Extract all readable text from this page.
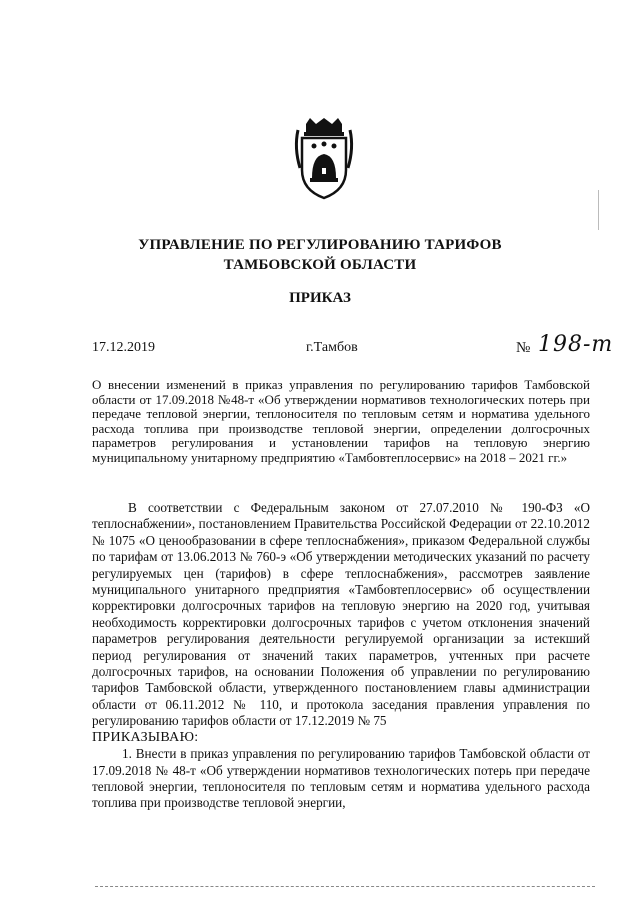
УПРАВЛЕНИЕ ПО РЕГУЛИРОВАНИЮ ТАРИФОВ
ТАМБОВСКОЙ ОБЛАСТИ
ПРИКАЗ
17.12.2019	г.Тамбов	№ 198-т
О внесении изменений в приказ управления по регулированию тарифов Тамбовской области от 17.09.2018 №48-т «Об утверждении нормативов технологических потерь при передаче тепловой энергии, теплоносителя по тепловым сетям и норматива удельного расхода топлива при производстве тепловой энергии, определении долгосрочных параметров регулирования и установлении тарифов на тепловую энергию муниципальному унитарному предприятию «Тамбовтеплосервис» на 2018 – 2021 гг.»

В соответствии с Федеральным законом от 27.07.2010 № 190-ФЗ «О теплоснабжении», постановлением Правительства Российской Федерации от 22.10.2012 № 1075 «О ценообразовании в сфере теплоснабжения», приказом Федеральной службы по тарифам от 13.06.2013 № 760-э «Об утверждении методических указаний по расчету регулируемых цен (тарифов) в сфере теплоснабжения», рассмотрев заявление муниципального унитарного предприятия «Тамбовтеплосервис» об осуществлении корректировки долгосрочных тарифов на тепловую энергию на 2020 год, учитывая необходимость корректировки долгосрочных тарифов с учетом отклонения значений параметров регулирования деятельности регулируемой организации за истекший период регулирования от значений таких параметров, учтенных при расчете долгосрочных тарифов, на основании Положения об управлении по регулированию тарифов Тамбовской области, утвержденного постановлением главы администрации области от 06.11.2012 № 110, и протокола заседания правления управления по регулированию тарифов области от 17.12.2019 № 75

ПРИКАЗЫВАЮ:

1. Внести в приказ управления по регулированию тарифов Тамбовской области от 17.09.2018 № 48-т «Об утверждении нормативов технологических потерь при передаче тепловой энергии, теплоносителя по тепловым сетям и норматива удельного расхода топлива при производстве тепловой энергии,
